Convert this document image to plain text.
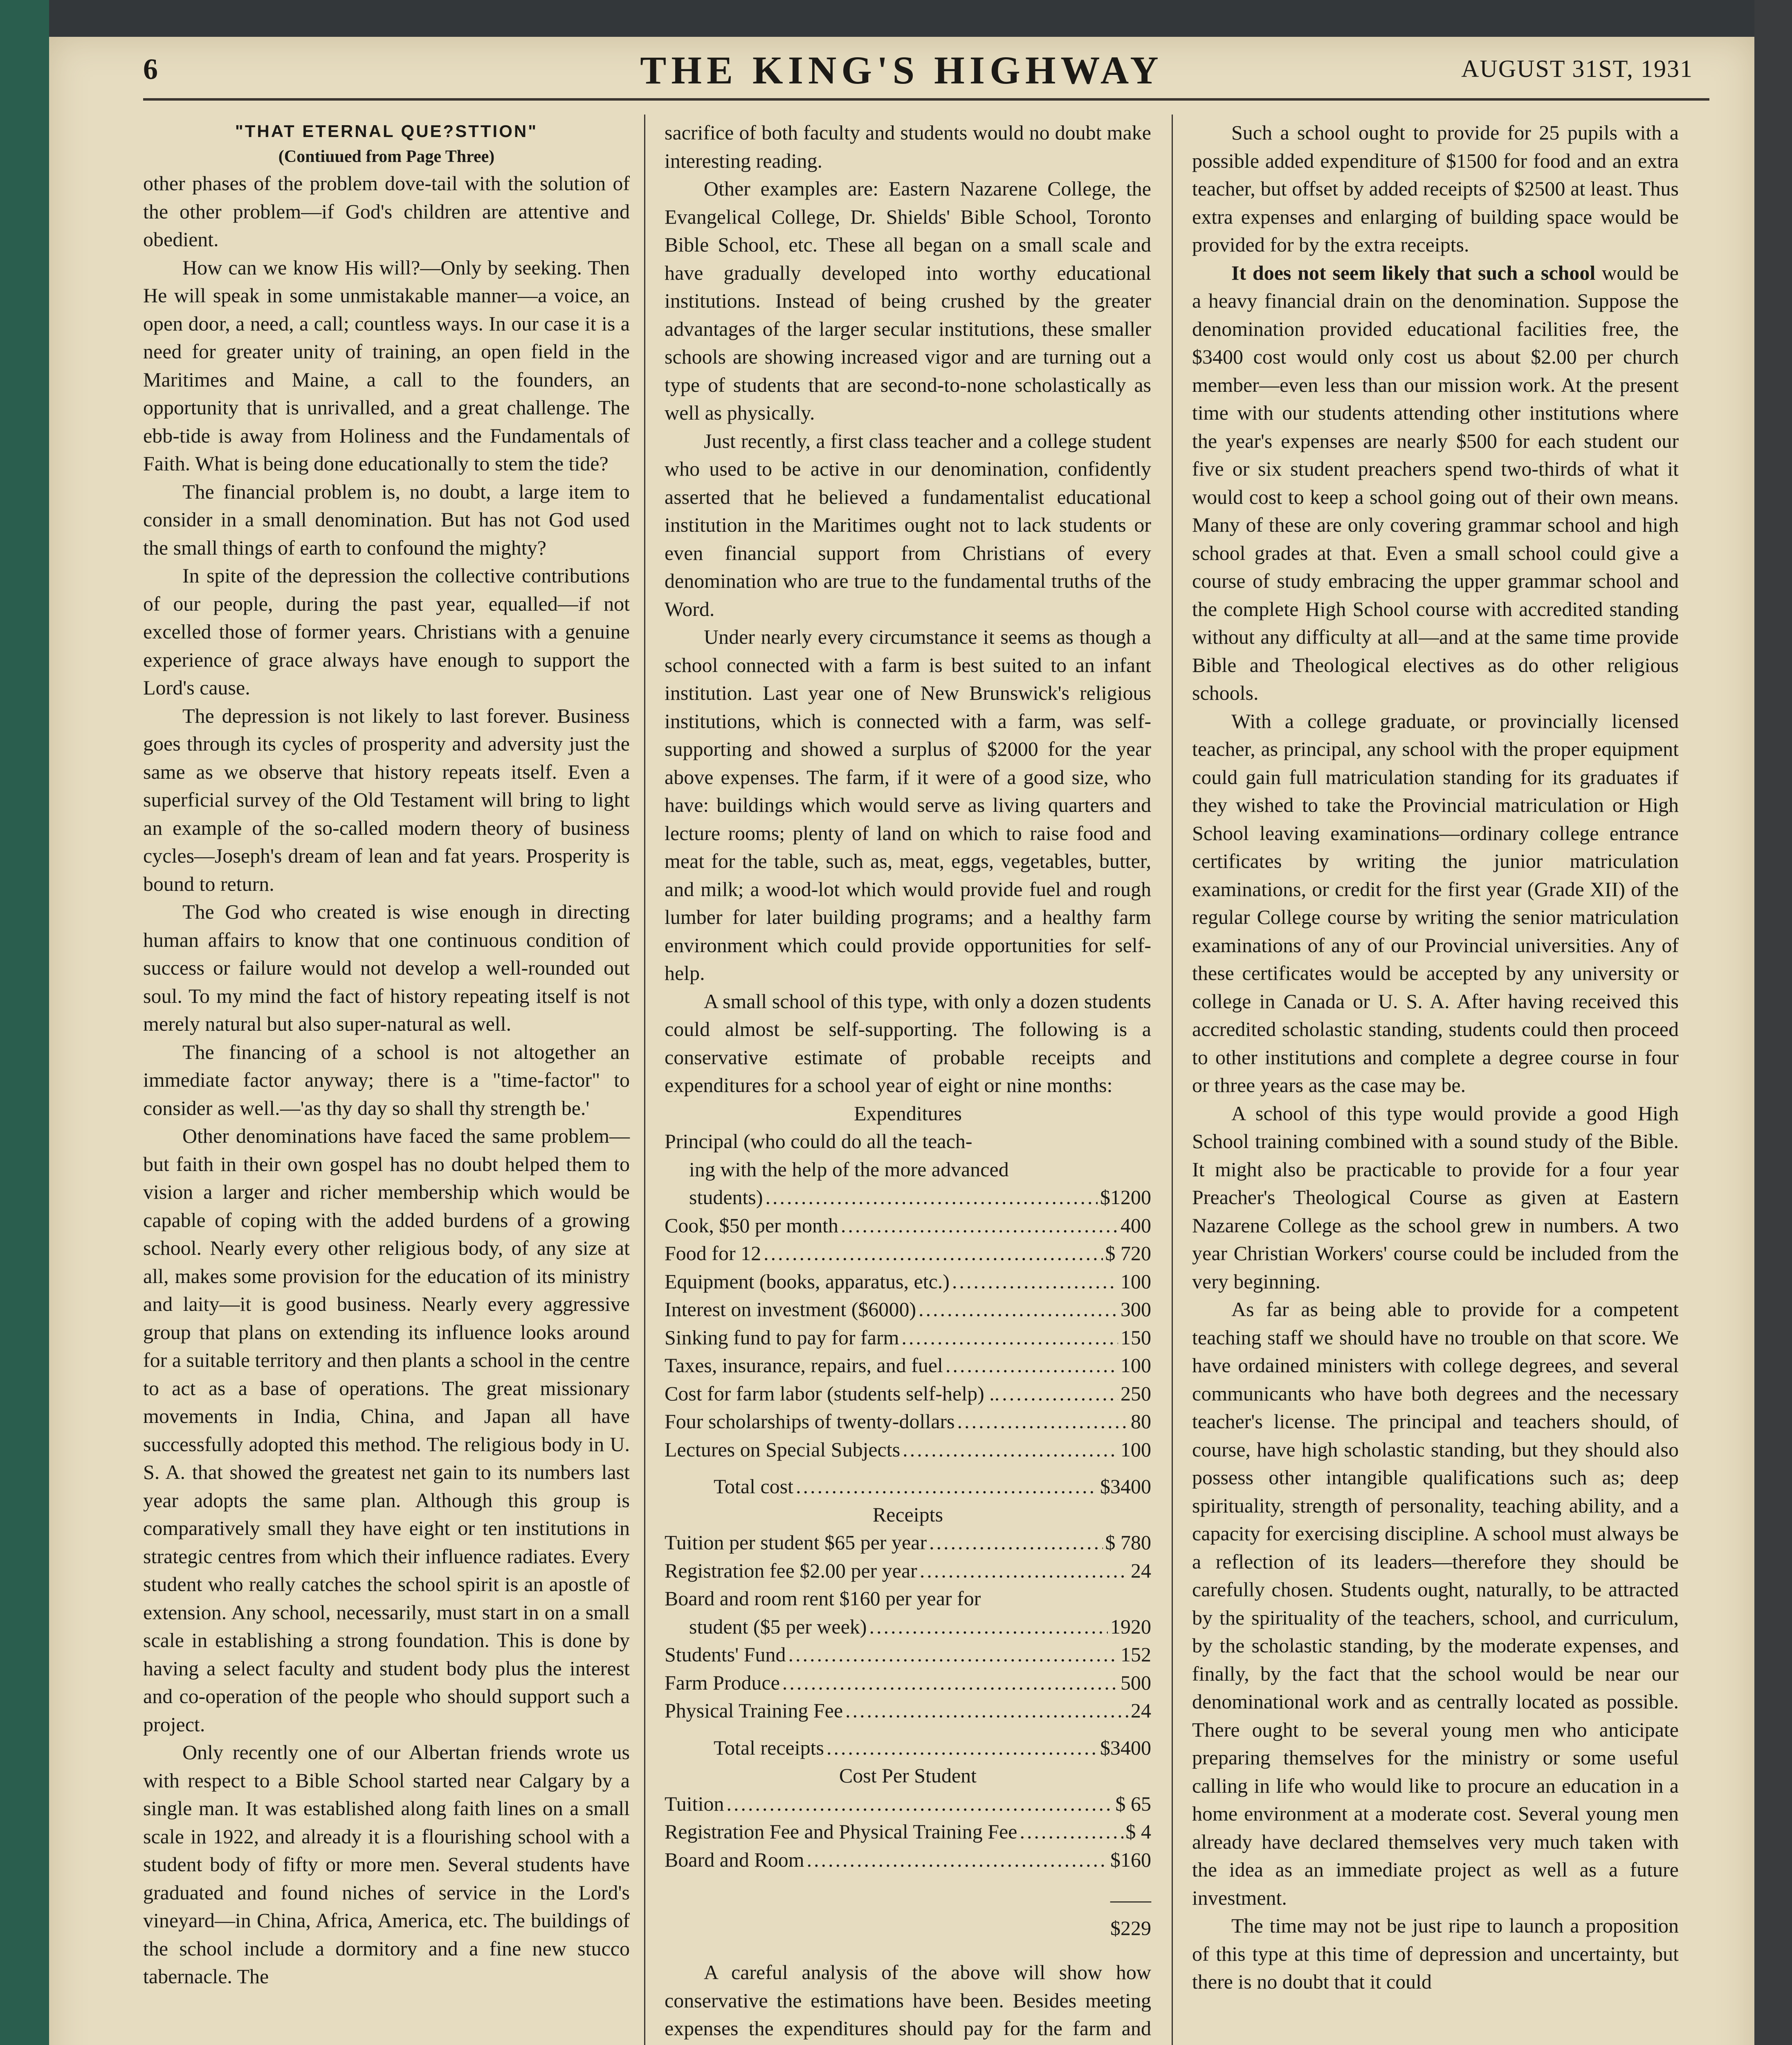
6	THE KING'S HIGHWAY	AUGUST 31ST, 1931

"THAT ETERNAL QUE?STTION"

(Contiuued from Page Three)

other phases of the problem dove-tail with the solution of the other problem—if God's children are attentive and obedient.

How can we know His will?—Only by seeking. Then He will speak in some unmistakable manner—a voice, an open door, a need, a call; countless ways. In our case it is a need for greater unity of training, an open field in the Maritimes and Maine, a call to the founders, an opportunity that is unrivalled, and a great challenge. The ebb-tide is away from Holiness and the Fundamentals of Faith. What is being done educationally to stem the tide?

The financial problem is, no doubt, a large item to consider in a small denomination. But has not God used the small things of earth to confound the mighty?

In spite of the depression the collective contributions of our people, during the past year, equalled—if not excelled those of former years. Christians with a genuine experience of grace always have enough to support the Lord's cause.

The depression is not likely to last forever. Business goes through its cycles of prosperity and adversity just the same as we observe that history repeats itself. Even a superficial survey of the Old Testament will bring to light an example of the so-called modern theory of business cycles—Joseph's dream of lean and fat years. Prosperity is bound to return.

The God who created is wise enough in directing human affairs to know that one continuous condition of success or failure would not develop a well-rounded out soul. To my mind the fact of history repeating itself is not merely natural but also super-natural as well.

The financing of a school is not altogether an immediate factor anyway; there is a "time-factor" to consider as well.—'as thy day so shall thy strength be.'

Other denominations have faced the same problem—but faith in their own gospel has no doubt helped them to vision a larger and richer membership which would be capable of coping with the added burdens of a growing school. Nearly every other religious body, of any size at all, makes some provision for the education of its ministry and laity—it is good business. Nearly every aggressive group that plans on extending its influence looks around for a suitable territory and then plants a school in the centre to act as a base of operations. The great missionary movements in India, China, and Japan all have successfully adopted this method. The religious body in U. S. A. that showed the greatest net gain to its numbers last year adopts the same plan. Although this group is comparatively small they have eight or ten institutions in strategic centres from which their influence radiates. Every student who really catches the school spirit is an apostle of extension. Any school, necessarily, must start in on a small scale in establishing a strong foundation. This is done by having a select faculty and student body plus the interest and co-operation of the people who should support such a project.

Only recently one of our Albertan friends wrote us with respect to a Bible School started near Calgary by a single man. It was established along faith lines on a small scale in 1922, and already it is a flourishing school with a student body of fifty or more men. Several students have graduated and found niches of service in the Lord's vineyard—in China, Africa, America, etc. The buildings of the school include a dormitory and a fine new stucco tabernacle. The

sacrifice of both faculty and students would no doubt make interesting reading.

Other examples are: Eastern Nazarene College, the Evangelical College, Dr. Shields' Bible School, Toronto Bible School, etc. These all began on a small scale and have gradually developed into worthy educational institutions. Instead of being crushed by the greater advantages of the larger secular institutions, these smaller schools are showing increased vigor and are turning out a type of students that are second-to-none scholastically as well as physically.

Just recently, a first class teacher and a college student who used to be active in our denomination, confidently asserted that he believed a fundamentalist educational institution in the Maritimes ought not to lack students or even financial support from Christians of every denomination who are true to the fundamental truths of the Word.

Under nearly every circumstance it seems as though a school connected with a farm is best suited to an infant institution. Last year one of New Brunswick's religious institutions, which is connected with a farm, was self-supporting and showed a surplus of $2000 for the year above expenses. The farm, if it were of a good size, who have: buildings which would serve as living quarters and lecture rooms; plenty of land on which to raise food and meat for the table, such as, meat, eggs, vegetables, butter, and milk; a wood-lot which would provide fuel and rough lumber for later building programs; and a healthy farm environment which could provide opportunities for self-help.

A small school of this type, with only a dozen students could almost be self-supporting. The following is a conservative estimate of probable receipts and expenditures for a school year of eight or nine months:

Expenditures

Principal (who could do all the teach-
ing with the help of the more advanced
students) .....	$1200
Cook, $50 per month .....	400
Food for 12 .....	$ 720
Equipment (books, apparatus, etc.) .....	100
Interest on investment ($6000) .....	300
Sinking fund to pay for farm .....	150
Taxes, insurance, repairs, and fuel .....	100
Cost for farm labor (students self-help) .. .....	250
Four scholarships of twenty-dollars .....	80
Lectures on Special Subjects .....	100
Total cost .....	$3400

Receipts

Tuition per student $65 per year .....	$ 780
Registration fee $2.00 per year .....	24
Board and room rent $160 per year for
student ($5 per week) .....	1920
Students' Fund .....	152
Farm Produce .....	500
Physical Training Fee .....	24
Total receipts .....	$3400

Cost Per Student

Tuition .....	$ 65
Registration Fee and Physical Training Fee .....	$ 4
Board and Room .....	$160
——
$229

A careful analysis of the above will show how conservative the estimations have been. Besides meeting expenses the expenditures should pay for the farm and

Such a school ought to provide for 25 pupils with a possible added expenditure of $1500 for food and an extra teacher, but offset by added receipts of $2500 at least. Thus extra expenses and enlarging of building space would be provided for by the extra receipts.

It does not seem likely that such a school would be a heavy financial drain on the denomination. Suppose the denomination provided educational facilities free, the $3400 cost would only cost us about $2.00 per church member—even less than our mission work. At the present time with our students attending other institutions where the year's expenses are nearly $500 for each student our five or six student preachers spend two-thirds of what it would cost to keep a school going out of their own means. Many of these are only covering grammar school and high school grades at that. Even a small school could give a course of study embracing the upper grammar school and the complete High School course with accredited standing without any difficulty at all—and at the same time provide Bible and Theological electives as do other religious schools.

With a college graduate, or provincially licensed teacher, as principal, any school with the proper equipment could gain full matriculation standing for its graduates if they wished to take the Provincial matriculation or High School leaving examinations—ordinary college entrance certificates by writing the junior matriculation examinations, or credit for the first year (Grade XII) of the regular College course by writing the senior matriculation examinations of any of our Provincial universities. Any of these certificates would be accepted by any university or college in Canada or U. S. A. After having received this accredited scholastic standing, students could then proceed to other institutions and complete a degree course in four or three years as the case may be.

A school of this type would provide a good High School training combined with a sound study of the Bible. It might also be practicable to provide for a four year Preacher's Theological Course as given at Eastern Nazarene College as the school grew in numbers. A two year Christian Workers' course could be included from the very beginning.

As far as being able to provide for a competent teaching staff we should have no trouble on that score. We have ordained ministers with college degrees, and several communicants who have both degrees and the necessary teacher's license. The principal and teachers should, of course, have high scholastic standing, but they should also possess other intangible qualifications such as; deep spirituality, strength of personality, teaching ability, and a capacity for exercising discipline. A school must always be a reflection of its leaders—therefore they should be carefully chosen. Students ought, naturally, to be attracted by the spirituality of the teachers, school, and curriculum, by the scholastic standing, by the moderate expenses, and finally, by the fact that the school would be near our denominational work and as centrally located as possible. There ought to be several young men who anticipate preparing themselves for the ministry or some useful calling in life who would like to procure an education in a home environment at a moderate cost. Several young men already have declared themselves very much taken with the idea as an immediate project as well as a future investment.

The time may not be just ripe to launch a proposition of this type at this time of depression and uncertainty, but there is no doubt that it could
